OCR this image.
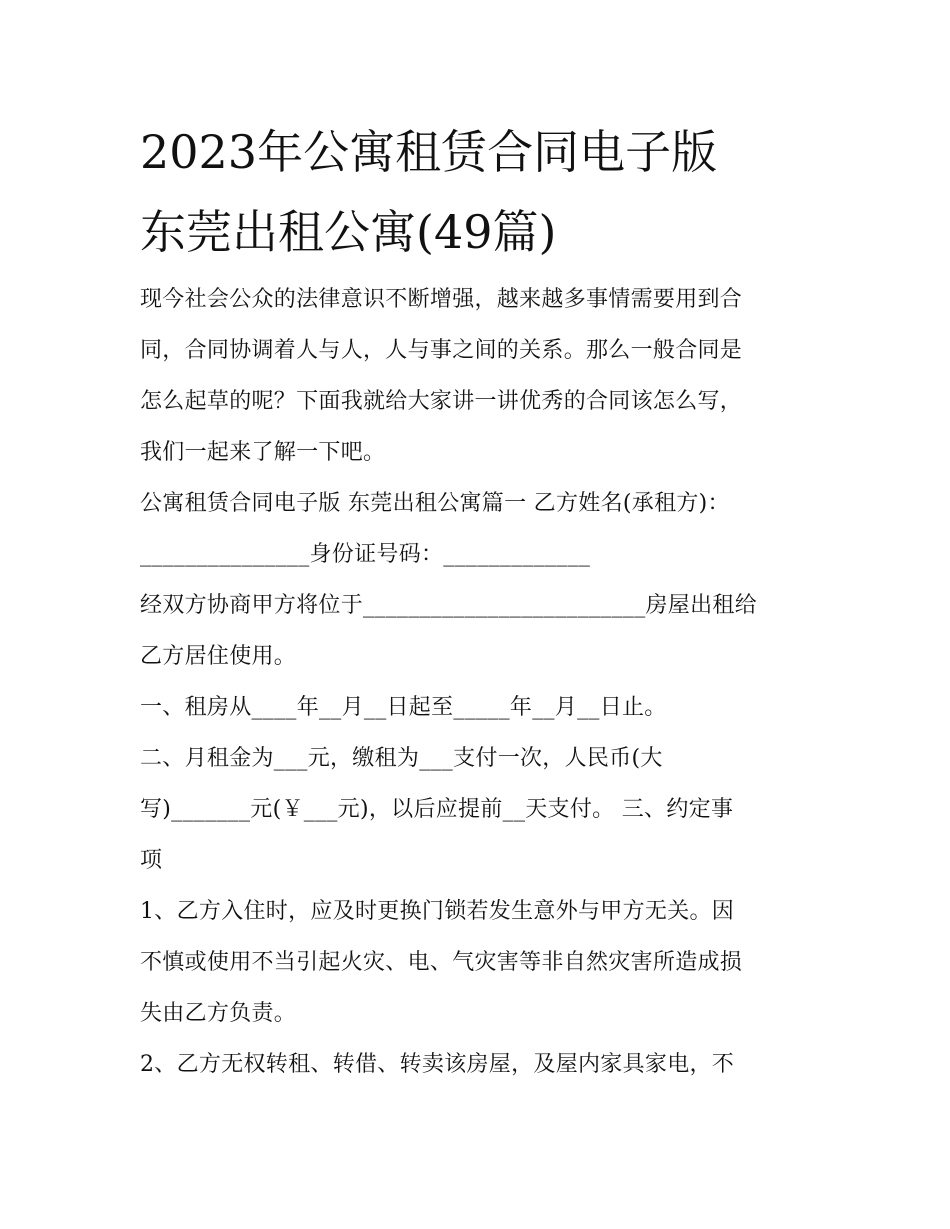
2023年公寓租赁合同电子版
东莞出租公寓(49篇)

现今社会公众的法律意识不断增强，越来越多事情需要用到合
同，合同协调着人与人，人与事之间的关系。那么一般合同是
怎么起草的呢？下面我就给大家讲一讲优秀的合同该怎么写，
我们一起来了解一下吧。

公寓租赁合同电子版 东莞出租公寓篇一 乙方姓名(承租方)：
_______________身份证号码：_____________

经双方协商甲方将位于_________________________房屋出租给
乙方居住使用。

一、租房从____年__月__日起至_____年__月__日止。

二、月租金为___元，缴租为___支付一次，人民币(大
写)_______元(￥___元)，以后应提前__天支付。 三、约定事
项

1、乙方入住时，应及时更换门锁若发生意外与甲方无关。因
不慎或使用不当引起火灾、电、气灾害等非自然灾害所造成损
失由乙方负责。

2、乙方无权转租、转借、转卖该房屋，及屋内家具家电，不
